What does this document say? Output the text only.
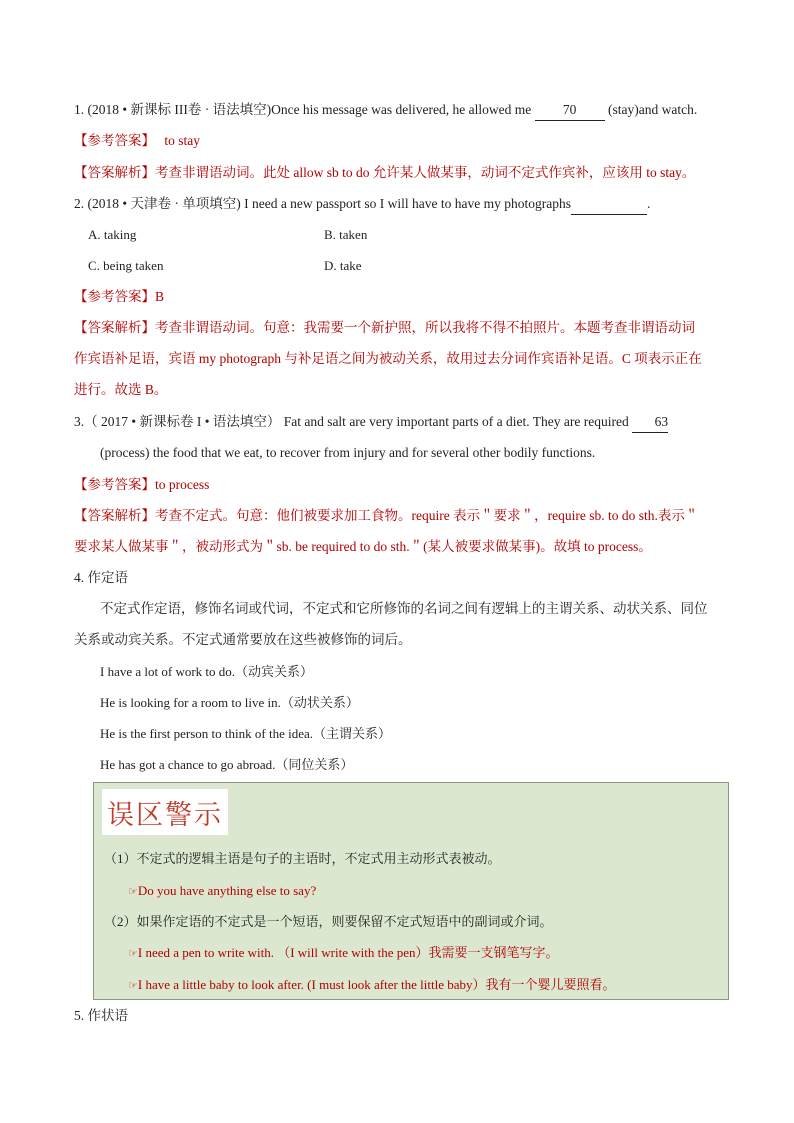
1. (2018 • 新课标 III卷 · 语法填空)Once his message was delivered, he allowed me 70 (stay)and watch.
【参考答案】 to stay
【答案解析】考查非谓语动词。此处 allow sb to do 允许某人做某事，动词不定式作宾补，应该用 to stay。
2. (2018 • 天津卷 · 单项填空) I need a new passport so I will have to have my photographs	.
A. taking	B. taken
C. being taken	D. take
【参考答案】B
【答案解析】考查非谓语动词。句意：我需要一个新护照，所以我将不得不拍照片。本题考查非谓语动词
作宾语补足语，宾语 my photograph 与补足语之间为被动关系，故用过去分词作宾语补足语。C 项表示正在
进行。故选 B。
3.（ 2017 • 新课标卷 I • 语法填空） Fat and salt are very important parts of a diet. They are required 63
(process) the food that we eat, to recover from injury and for several other bodily functions.
【参考答案】to process
【答案解析】考查不定式。句意：他们被要求加工食物。require 表示＂要求＂，require sb. to do sth.表示＂
要求某人做某事＂，被动形式为＂sb. be required to do sth.＂(某人被要求做某事)。故填 to process。
4. 作定语
不定式作定语，修饰名词或代词，不定式和它所修饰的名词之间有逻辑上的主谓关系、动状关系、同位
关系或动宾关系。不定式通常要放在这些被修饰的词后。
I have a lot of work to do.（动宾关系）
He is looking for a room to live in.（动状关系）
He is the first person to think of the idea.（主谓关系）
He has got a chance to go abroad.（同位关系）
误区警示
（1）不定式的逻辑主语是句子的主语时，不定式用主动形式表被动。
☞Do you have anything else to say?
（2）如果作定语的不定式是一个短语，则要保留不定式短语中的副词或介词。
☞I need a pen to write with. （I will write with the pen）我需要一支钢笔写字。
☞I have a little baby to look after. (I must look after the little baby）我有一个婴儿要照看。
5. 作状语
